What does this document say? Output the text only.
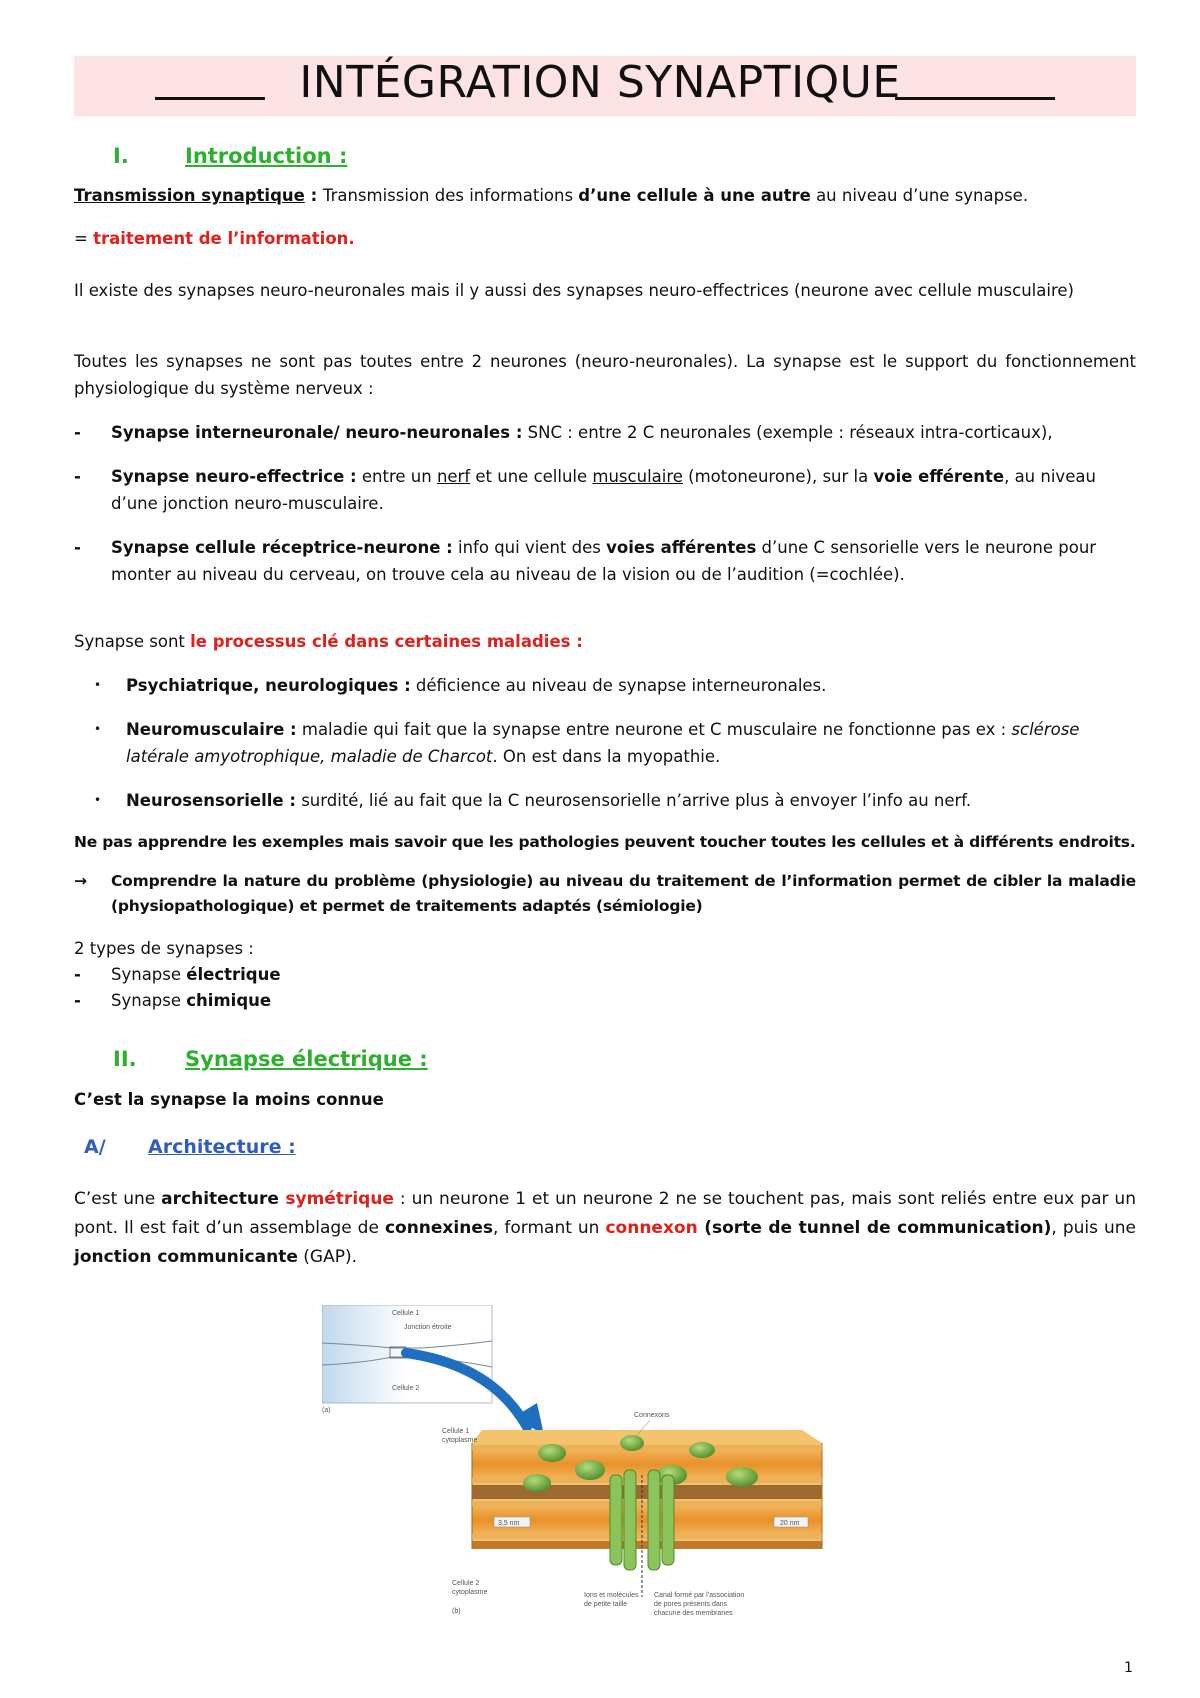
INTÉGRATION SYNAPTIQUE
I.	Introduction :
Transmission synaptique : Transmission des informations d’une cellule à une autre au niveau d’une synapse.
= traitement de l’information.
Il existe des synapses neuro-neuronales mais il y aussi des synapses neuro-effectrices (neurone avec cellule musculaire)
Toutes les synapses ne sont pas toutes entre 2 neurones (neuro-neuronales). La synapse est le support du fonctionnement physiologique du système nerveux :
- Synapse interneuronale/ neuro-neuronales : SNC : entre 2 C neuronales (exemple : réseaux intra-corticaux),
- Synapse neuro-effectrice : entre un nerf et une cellule musculaire (motoneurone), sur la voie efférente, au niveau d’une jonction neuro-musculaire.
- Synapse cellule réceptrice-neurone : info qui vient des voies afférentes d’une C sensorielle vers le neurone pour monter au niveau du cerveau, on trouve cela au niveau de la vision ou de l’audition (=cochlée).
Synapse sont le processus clé dans certaines maladies :
• Psychiatrique, neurologiques : déficience au niveau de synapse interneuronales.
• Neuromusculaire : maladie qui fait que la synapse entre neurone et C musculaire ne fonctionne pas ex : sclérose latérale amyotrophique, maladie de Charcot. On est dans la myopathie.
• Neurosensorielle : surdité, lié au fait que la C neurosensorielle n’arrive plus à envoyer l’info au nerf.
Ne pas apprendre les exemples mais savoir que les pathologies peuvent toucher toutes les cellules et à différents endroits.
→ Comprendre la nature du problème (physiologie) au niveau du traitement de l’information permet de cibler la maladie (physiopathologique) et permet de traitements adaptés (sémiologie)
2 types de synapses :
- Synapse électrique
- Synapse chimique
II. Synapse électrique :
C’est la synapse la moins connue
A/ Architecture :
C’est une architecture symétrique : un neurone 1 et un neurone 2 ne se touchent pas, mais sont reliés entre eux par un pont. Il est fait d’un assemblage de connexines, formant un connexon (sorte de tunnel de communication), puis une jonction communicante (GAP).
Cellule 1
Jonction étroite
Cellule 2
(a)
3,5 nm	20 nm
Connexons
Cellule 1
cytoplasme
Cellule 2
cytoplasme
(b)
Ions et molécules
de petite taille
Canal formé par l’association
de pores présents dans
chacune des membranes
1
